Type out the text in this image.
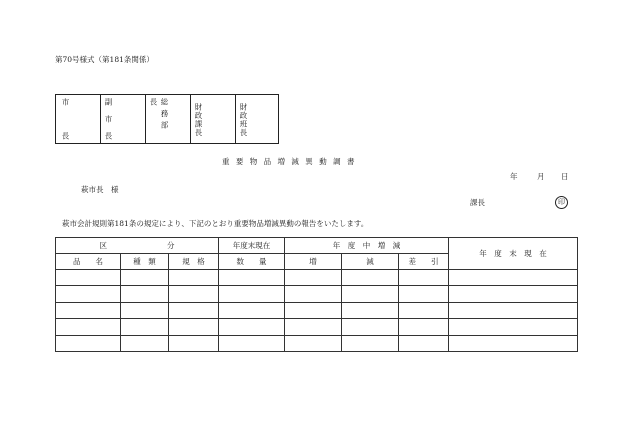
第70号様式（第181条関係）
市
長
副
市
長
総務部長	財政課長	財政班長
重 要 物 品 増 減 異 動 調 書
年	月 日
萩市長　様
課長	印
萩市会計規則第181条の規定により、下記のとおり重要物品増減異動の報告をいたします。
区　　　　　　　　分			年度末現在	年　度　中　増　減			年　度　末　現　在
品　　名	種　類	規　格	数　　量	増	減	差　　引	
